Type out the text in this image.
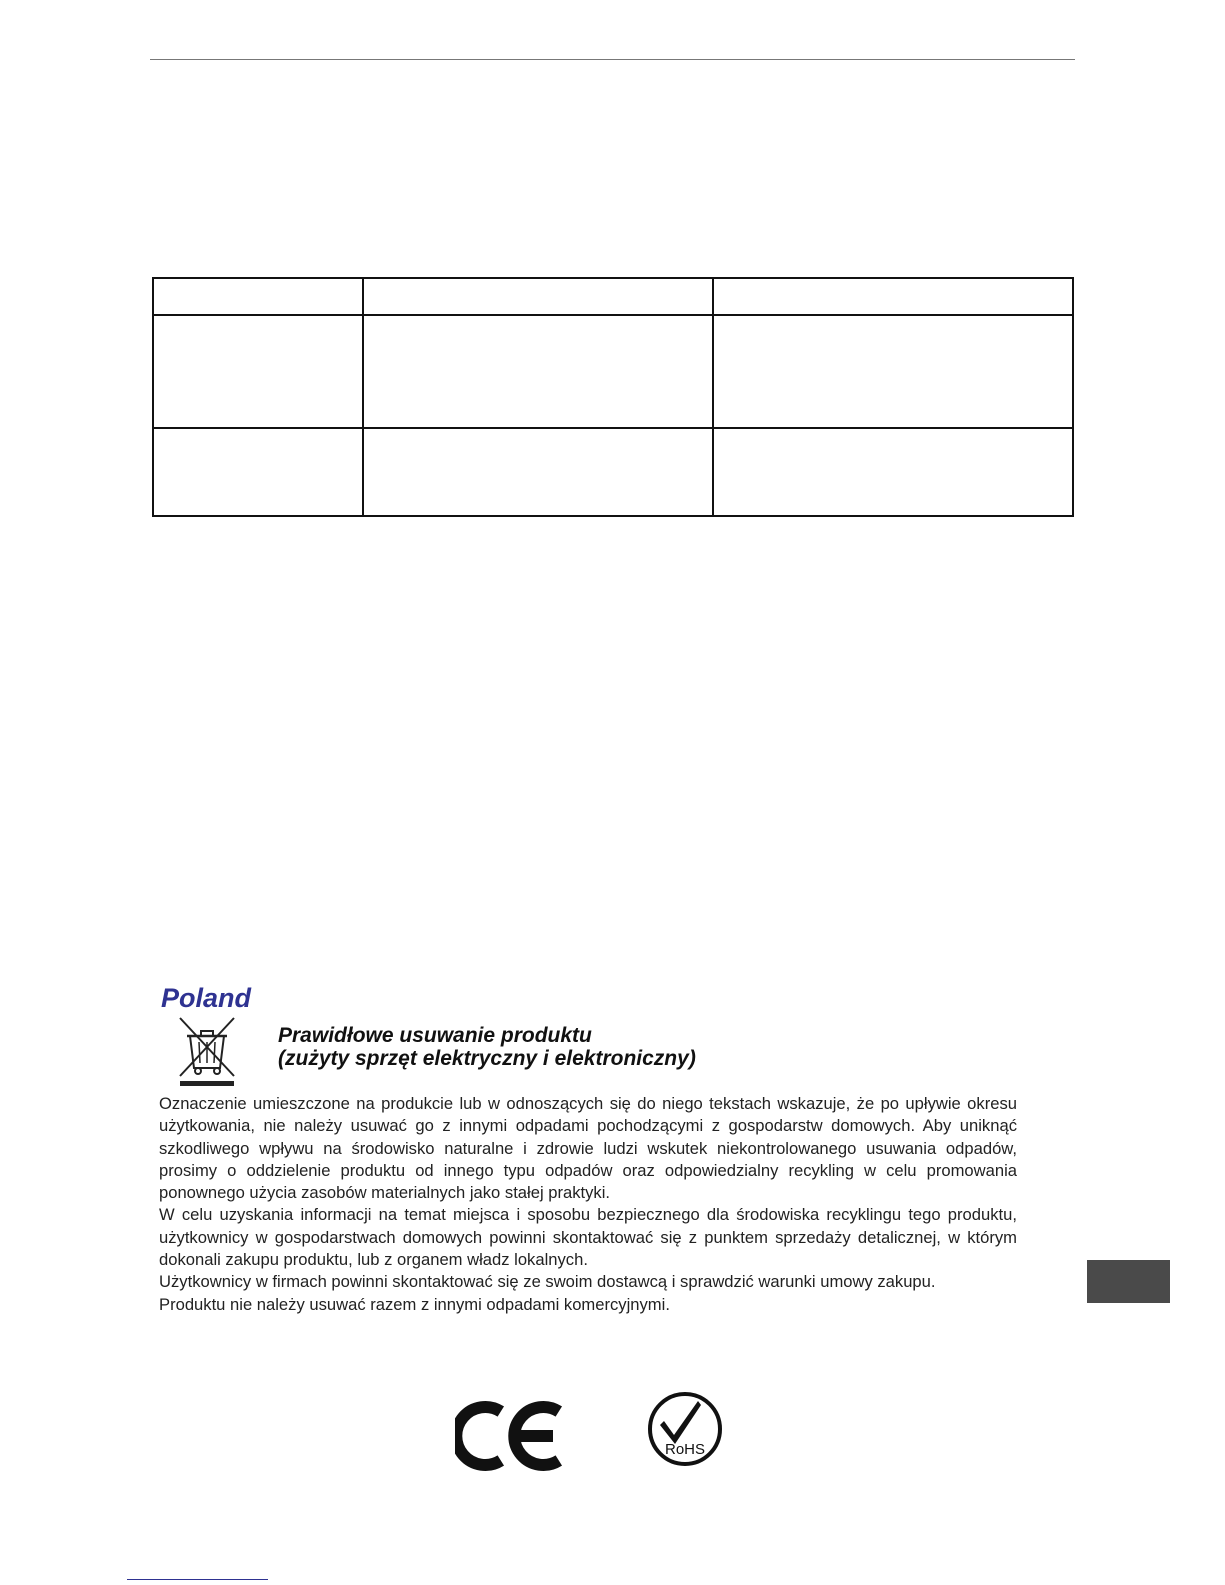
Poland
Prawidłowe usuwanie produktu
(zużyty sprzęt elektryczny i elektroniczny)

Oznaczenie umieszczone na produkcie lub w odnoszących się do niego tekstach wskazuje, że po upływie okresu użytkowania, nie należy usuwać go z innymi odpadami pochodzącymi z gospodarstw domowych. Aby uniknąć szkodliwego wpływu na środowisko naturalne i zdrowie ludzi wskutek niekontrolowanego usuwania odpadów, prosimy o oddzielenie produktu od innego typu odpadów oraz odpowiedzialny recykling w celu promowania ponownego użycia zasobów materialnych jako stałej praktyki.

W celu uzyskania informacji na temat miejsca i sposobu bezpiecznego dla środowiska recyklingu tego produktu, użytkownicy w gospodarstwach domowych powinni skontaktować się z punktem sprzedaży detalicznej, w którym dokonali zakupu produktu, lub z organem władz lokalnych.

Użytkownicy w firmach powinni skontaktować się ze swoim dostawcą i sprawdzić warunki umowy zakupu.

Produktu nie należy usuwać razem z innymi odpadami komercyjnymi.

RoHS
